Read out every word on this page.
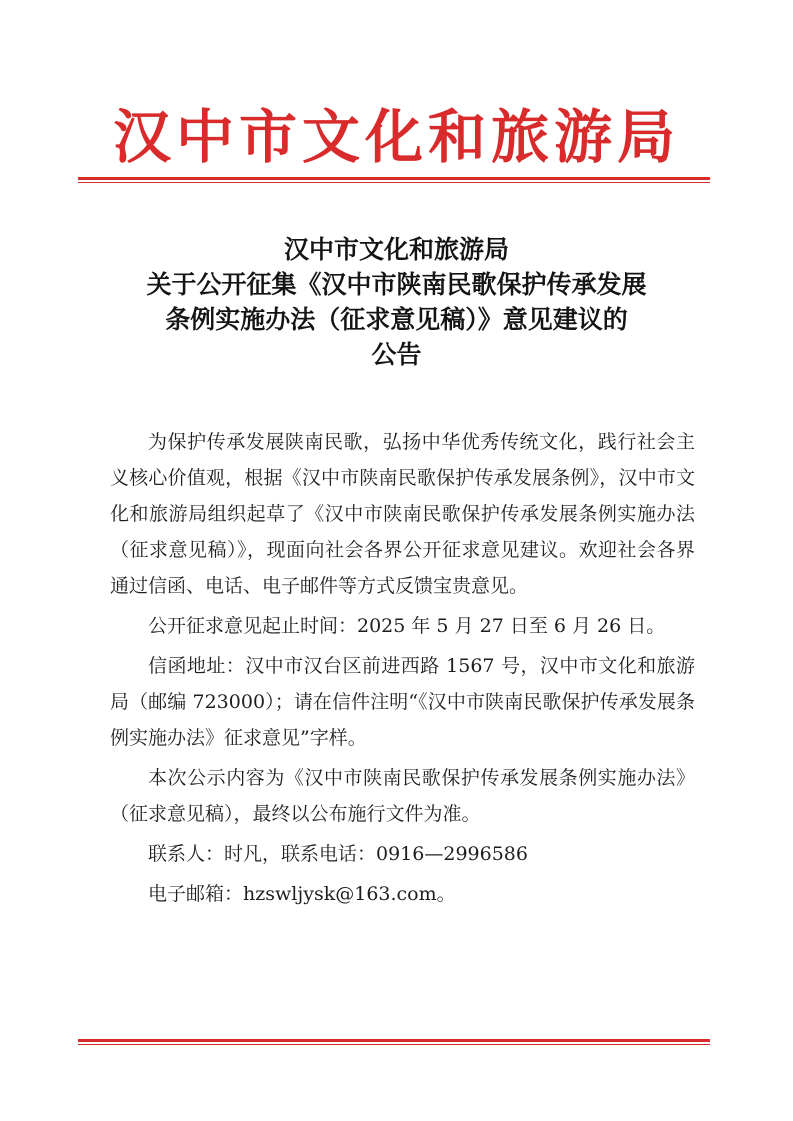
汉中市文化和旅游局
汉中市文化和旅游局
关于公开征集《汉中市陕南民歌保护传承发展
条例实施办法（征求意见稿）》意见建议的
公告

为保护传承发展陕南民歌，弘扬中华优秀传统文化，践行社会主义核心价值观，根据《汉中市陕南民歌保护传承发展条例》，汉中市文化和旅游局组织起草了《汉中市陕南民歌保护传承发展条例实施办法（征求意见稿）》，现面向社会各界公开征求意见建议。欢迎社会各界通过信函、电话、电子邮件等方式反馈宝贵意见。

公开征求意见起止时间：2025 年 5 月 27 日至 6 月 26 日。

信函地址：汉中市汉台区前进西路 1567 号，汉中市文化和旅游局（邮编 723000）；请在信件注明“《汉中市陕南民歌保护传承发展条例实施办法》征求意见”字样。

本次公示内容为《汉中市陕南民歌保护传承发展条例实施办法》（征求意见稿），最终以公布施行文件为准。

联系人：时凡，联系电话：0916—2996586

电子邮箱：hzswljysk@163.com。
